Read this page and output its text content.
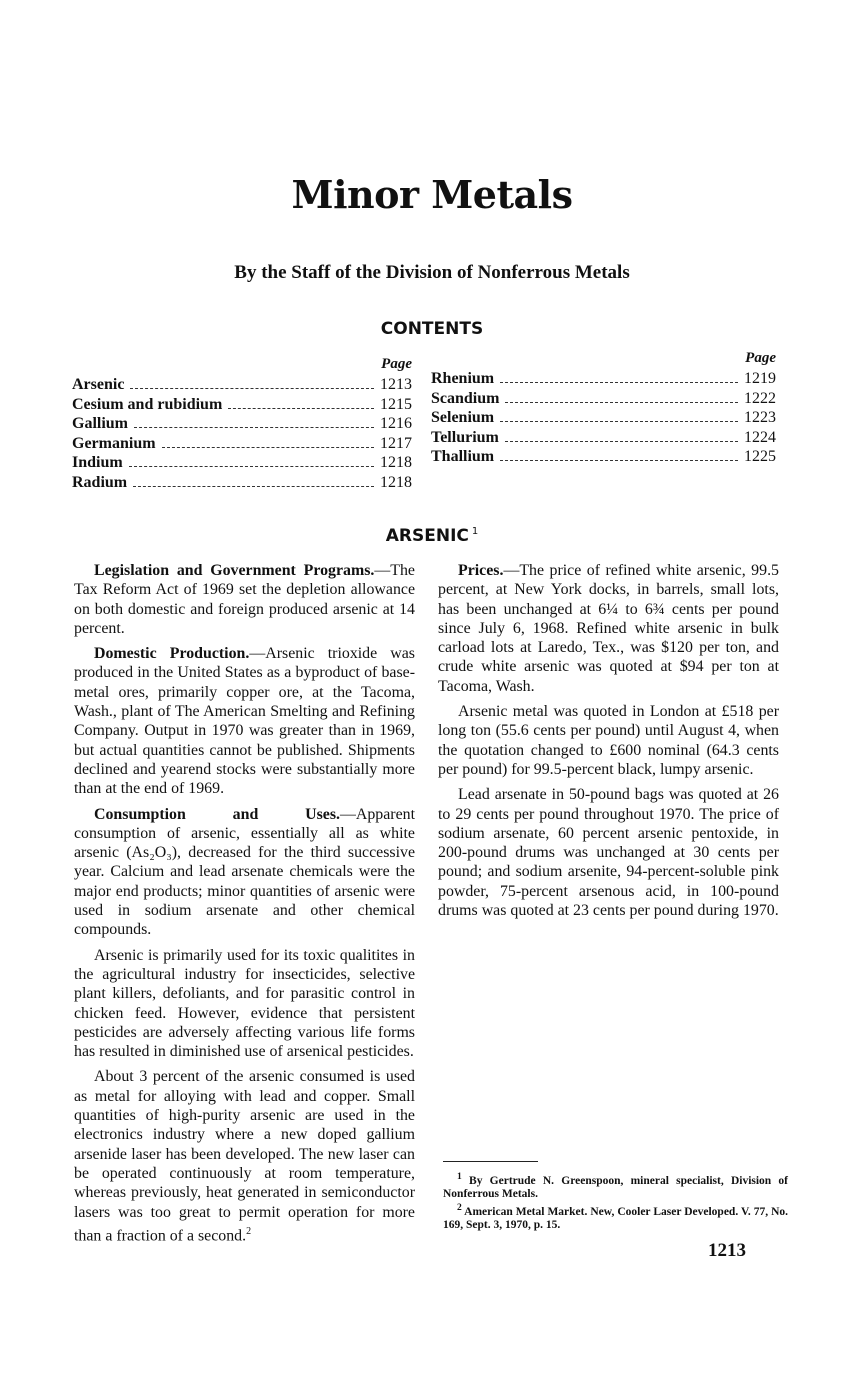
Minor Metals
By the Staff of the Division of Nonferrous Metals
CONTENTS
Page
Arsenic	1213
Cesium and rubidium	1215
Gallium	1216
Germanium	1217
Indium	1218
Radium	1218
Page
Rhenium	1219
Scandium	1222
Selenium	1223
Tellurium	1224
Thallium	1225
ARSENIC $^1$

Legislation and Government Programs.—The Tax Reform Act of 1969 set the depletion allowance on both domestic and foreign produced arsenic at 14 percent.

Domestic Production.—Arsenic trioxide was produced in the United States as a byproduct of base-metal ores, primarily copper ore, at the Tacoma, Wash., plant of The American Smelting and Refining Company. Output in 1970 was greater than in 1969, but actual quantities cannot be published. Shipments declined and yearend stocks were substantially more than at the end of 1969.

Consumption and Uses.—Apparent consumption of arsenic, essentially all as white arsenic (As₂O₃), decreased for the third successive year. Calcium and lead arsenate chemicals were the major end products; minor quantities of arsenic were used in sodium arsenate and other chemical compounds.

Arsenic is primarily used for its toxic qualitites in the agricultural industry for insecticides, selective plant killers, defoliants, and for parasitic control in chicken feed. However, evidence that persistent pesticides are adversely affecting various life forms has resulted in diminished use of arsenical pesticides.

About 3 percent of the arsenic consumed is used as metal for alloying with lead and copper. Small quantities of high-purity arsenic are used in the electronics industry where a new doped gallium arsenide laser has been developed. The new laser can be operated continuously at room temperature, whereas previously, heat generated in semiconductor lasers was too great to permit operation for more than a fraction of a second.$^2$

Prices.—The price of refined white arsenic, 99.5 percent, at New York docks, in barrels, small lots, has been unchanged at 6¼ to 6¾ cents per pound since July 6, 1968. Refined white arsenic in bulk carload lots at Laredo, Tex., was $120 per ton, and crude white arsenic was quoted at $94 per ton at Tacoma, Wash.

Arsenic metal was quoted in London at £518 per long ton (55.6 cents per pound) until August 4, when the quotation changed to £600 nominal (64.3 cents per pound) for 99.5-percent black, lumpy arsenic.

Lead arsenate in 50-pound bags was quoted at 26 to 29 cents per pound throughout 1970. The price of sodium arsenate, 60 percent arsenic pentoxide, in 200-pound drums was unchanged at 30 cents per pound; and sodium arsenite, 94-percent-soluble pink powder, 75-percent arsenous acid, in 100-pound drums was quoted at 23 cents per pound during 1970.

$^1$ By Gertrude N. Greenspoon, mineral specialist, Division of Nonferrous Metals.

$^2$ American Metal Market. New, Cooler Laser Developed. V. 77, No. 169, Sept. 3, 1970, p. 15.

1213
